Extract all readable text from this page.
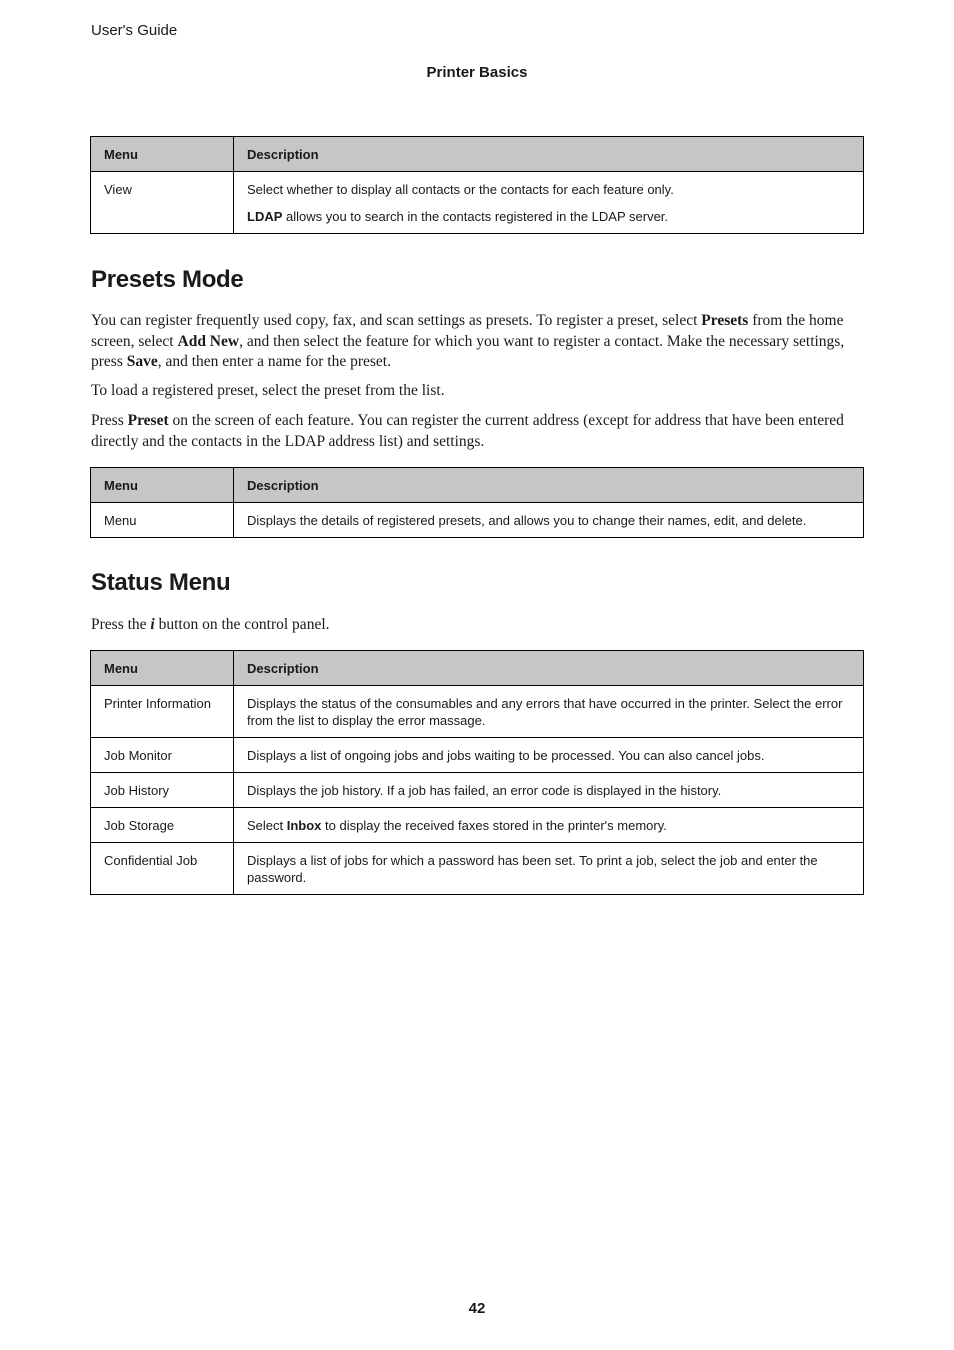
User's Guide
Printer Basics
Menu	Description
View	Select whether to display all contacts or the contacts for each feature only.

LDAP allows you to search in the contacts registered in the LDAP server.

Presets Mode

You can register frequently used copy, fax, and scan settings as presets. To register a preset, select Presets from the home screen, select Add New, and then select the feature for which you want to register a contact. Make the necessary settings, press Save, and then enter a name for the preset.

To load a registered preset, select the preset from the list.

Press Preset on the screen of each feature. You can register the current address (except for address that have been entered directly and the contacts in the LDAP address list) and settings.

Menu	Description
Menu	Displays the details of registered presets, and allows you to change their names, edit, and delete.
Status Menu

Press the i button on the control panel.

Menu	Description
Printer Information	Displays the status of the consumables and any errors that have occurred in the printer. Select the error from the list to display the error massage.
Job Monitor	Displays a list of ongoing jobs and jobs waiting to be processed. You can also cancel jobs.
Job History	Displays the job history. If a job has failed, an error code is displayed in the history.
Job Storage	Select Inbox to display the received faxes stored in the printer's memory.
Confidential Job	Displays a list of jobs for which a password has been set. To print a job, select the job and enter the password.
42
